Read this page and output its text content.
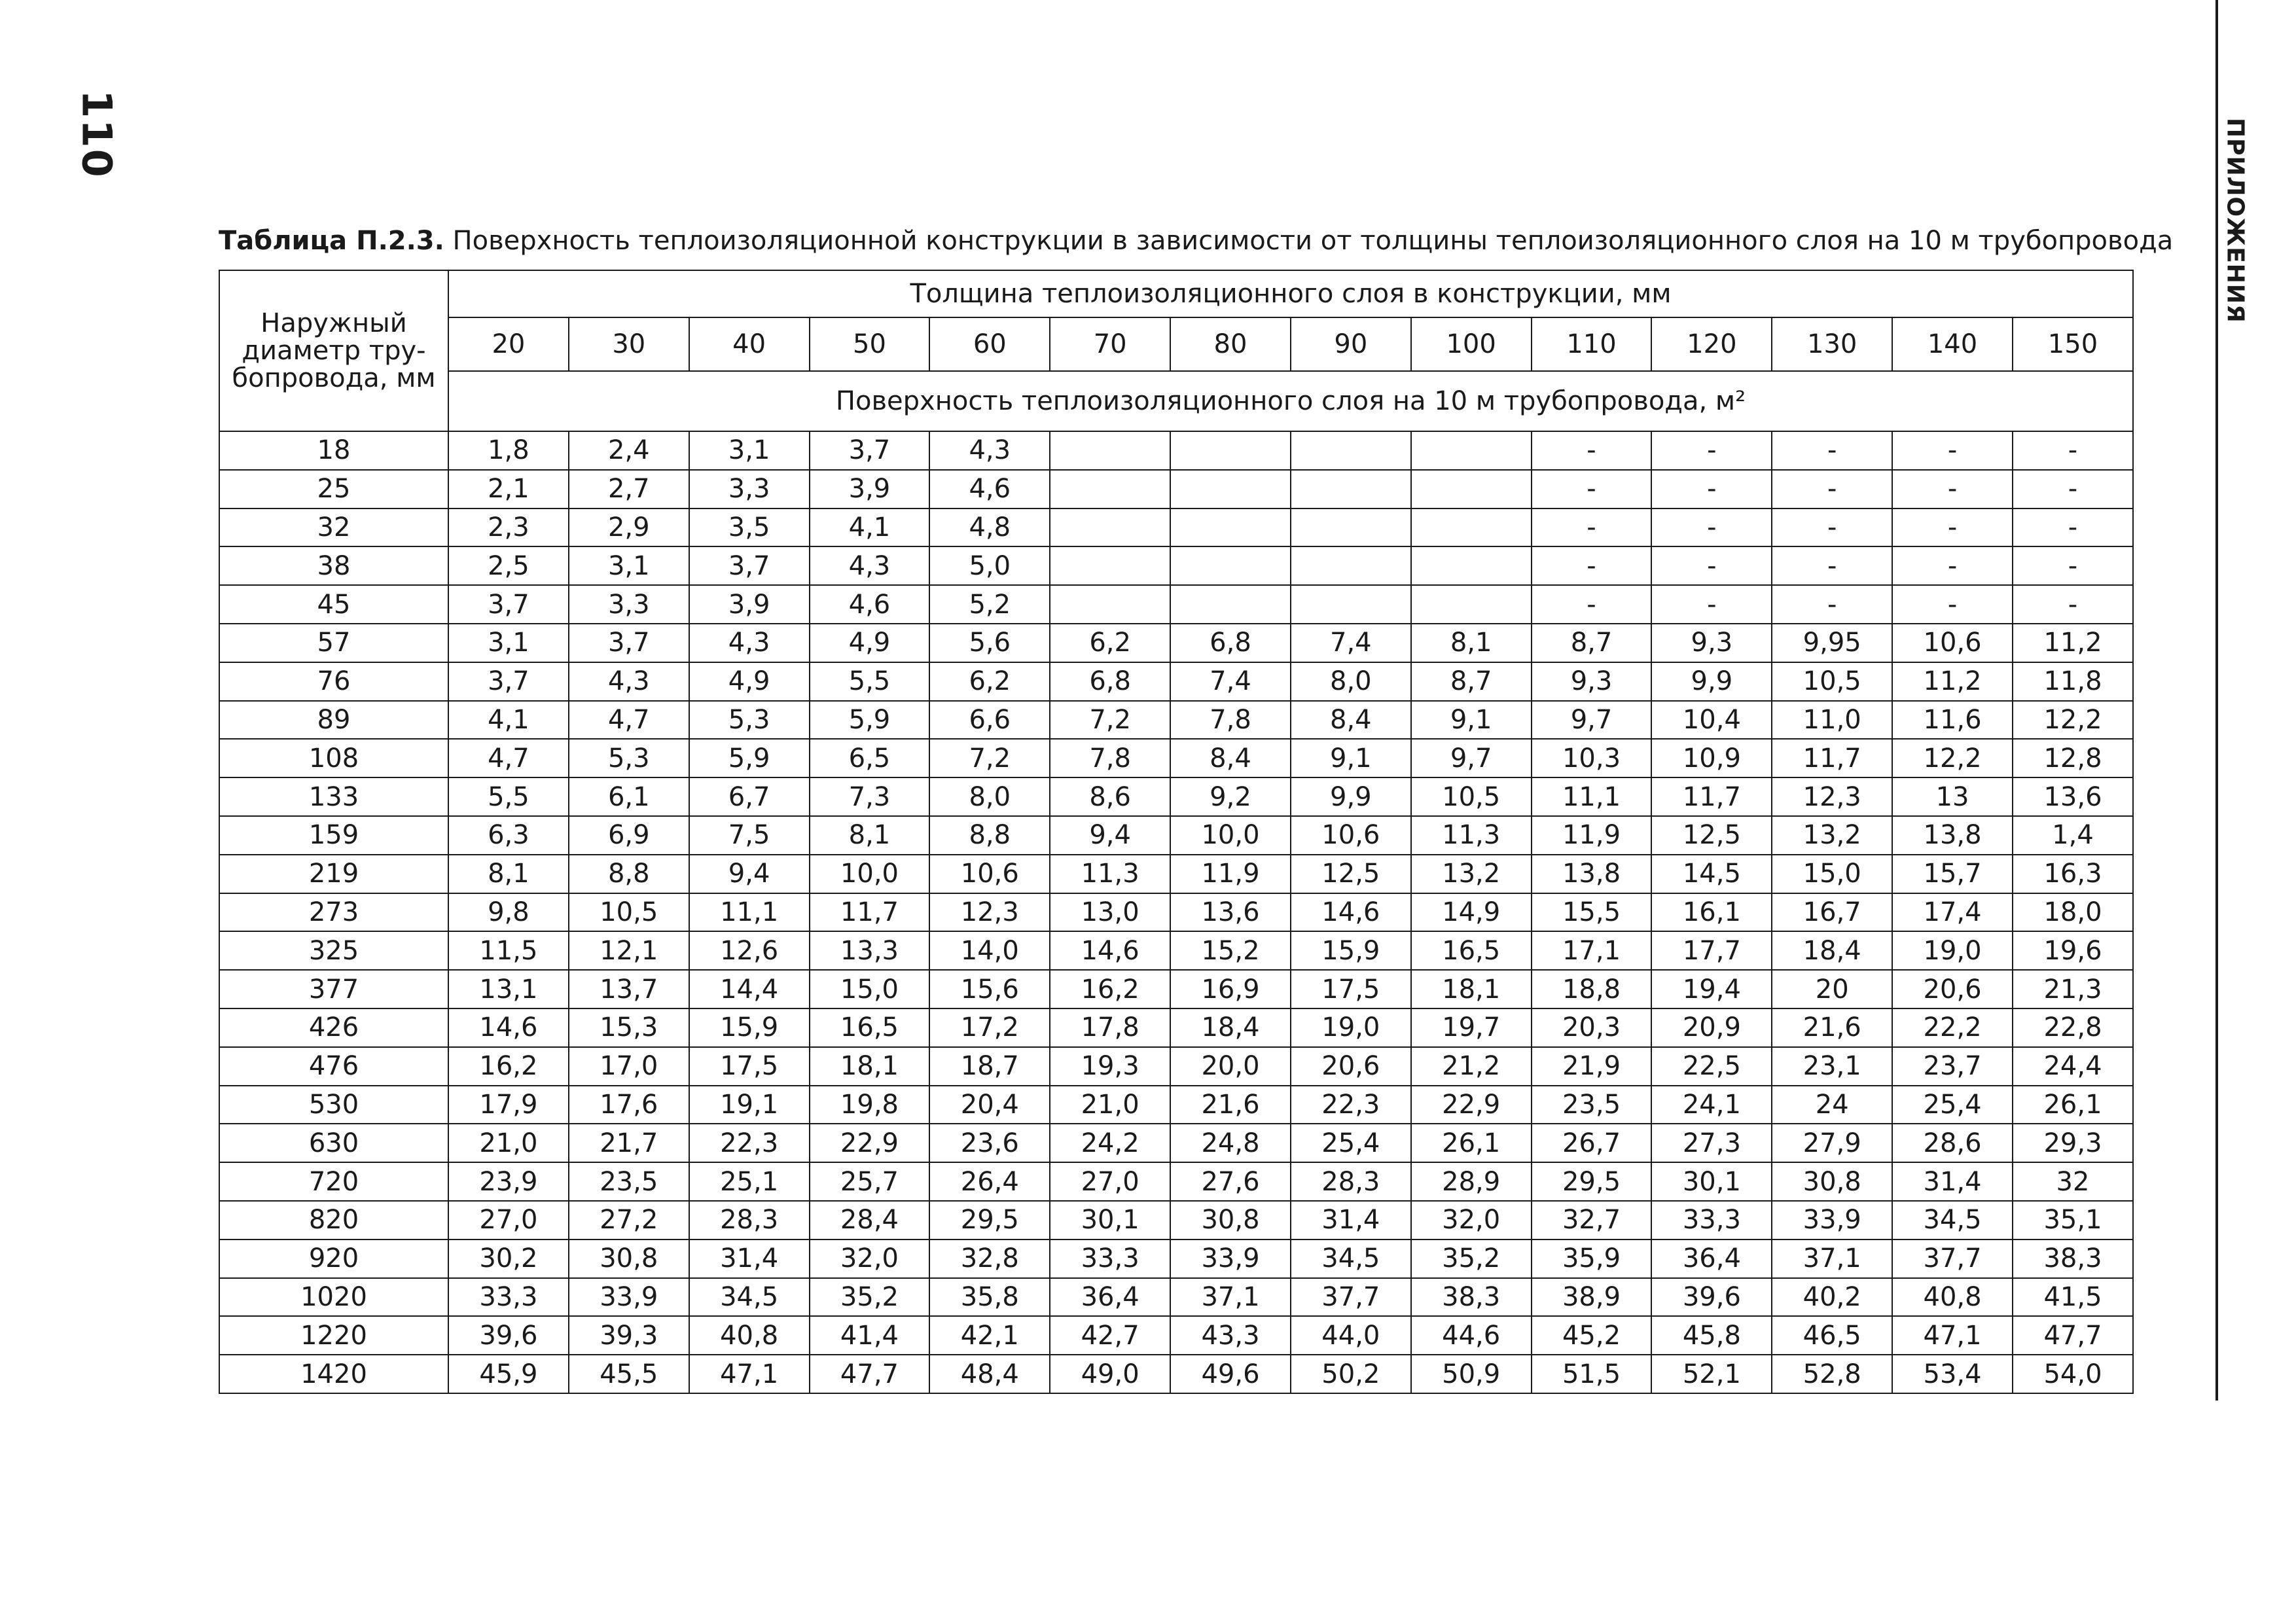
110	ПРИЛОЖЕНИЯ
Таблица П.2.3. Поверхность теплоизоляционной конструкции в зависимости от толщины теплоизоляционного слоя на 10 м трубопровода
Наружный диаметр тру-бопровода, мм	Толщина теплоизоляционного слоя в конструкции, мм													
	20	30	40	50	60	70	80	90	100	110	120	130	140	150
	Поверхность теплоизоляционного слоя на 10 м трубопровода, м²													
18	1,8	2,4	3,1	3,7	4,3					-	-	-	-	-
25	2,1	2,7	3,3	3,9	4,6					-	-	-	-	-
32	2,3	2,9	3,5	4,1	4,8					-	-	-	-	-
38	2,5	3,1	3,7	4,3	5,0					-	-	-	-	-
45	3,7	3,3	3,9	4,6	5,2					-	-	-	-	-
57	3,1	3,7	4,3	4,9	5,6	6,2	6,8	7,4	8,1	8,7	9,3	9,95	10,6	11,2
76	3,7	4,3	4,9	5,5	6,2	6,8	7,4	8,0	8,7	9,3	9,9	10,5	11,2	11,8
89	4,1	4,7	5,3	5,9	6,6	7,2	7,8	8,4	9,1	9,7	10,4	11,0	11,6	12,2
108	4,7	5,3	5,9	6,5	7,2	7,8	8,4	9,1	9,7	10,3	10,9	11,7	12,2	12,8
133	5,5	6,1	6,7	7,3	8,0	8,6	9,2	9,9	10,5	11,1	11,7	12,3	13	13,6
159	6,3	6,9	7,5	8,1	8,8	9,4	10,0	10,6	11,3	11,9	12,5	13,2	13,8	1,4
219	8,1	8,8	9,4	10,0	10,6	11,3	11,9	12,5	13,2	13,8	14,5	15,0	15,7	16,3
273	9,8	10,5	11,1	11,7	12,3	13,0	13,6	14,6	14,9	15,5	16,1	16,7	17,4	18,0
325	11,5	12,1	12,6	13,3	14,0	14,6	15,2	15,9	16,5	17,1	17,7	18,4	19,0	19,6
377	13,1	13,7	14,4	15,0	15,6	16,2	16,9	17,5	18,1	18,8	19,4	20	20,6	21,3
426	14,6	15,3	15,9	16,5	17,2	17,8	18,4	19,0	19,7	20,3	20,9	21,6	22,2	22,8
476	16,2	17,0	17,5	18,1	18,7	19,3	20,0	20,6	21,2	21,9	22,5	23,1	23,7	24,4
530	17,9	17,6	19,1	19,8	20,4	21,0	21,6	22,3	22,9	23,5	24,1	24	25,4	26,1
630	21,0	21,7	22,3	22,9	23,6	24,2	24,8	25,4	26,1	26,7	27,3	27,9	28,6	29,3
720	23,9	23,5	25,1	25,7	26,4	27,0	27,6	28,3	28,9	29,5	30,1	30,8	31,4	32
820	27,0	27,2	28,3	28,4	29,5	30,1	30,8	31,4	32,0	32,7	33,3	33,9	34,5	35,1
920	30,2	30,8	31,4	32,0	32,8	33,3	33,9	34,5	35,2	35,9	36,4	37,1	37,7	38,3
1020	33,3	33,9	34,5	35,2	35,8	36,4	37,1	37,7	38,3	38,9	39,6	40,2	40,8	41,5
1220	39,6	39,3	40,8	41,4	42,1	42,7	43,3	44,0	44,6	45,2	45,8	46,5	47,1	47,7
1420	45,9	45,5	47,1	47,7	48,4	49,0	49,6	50,2	50,9	51,5	52,1	52,8	53,4	54,0
